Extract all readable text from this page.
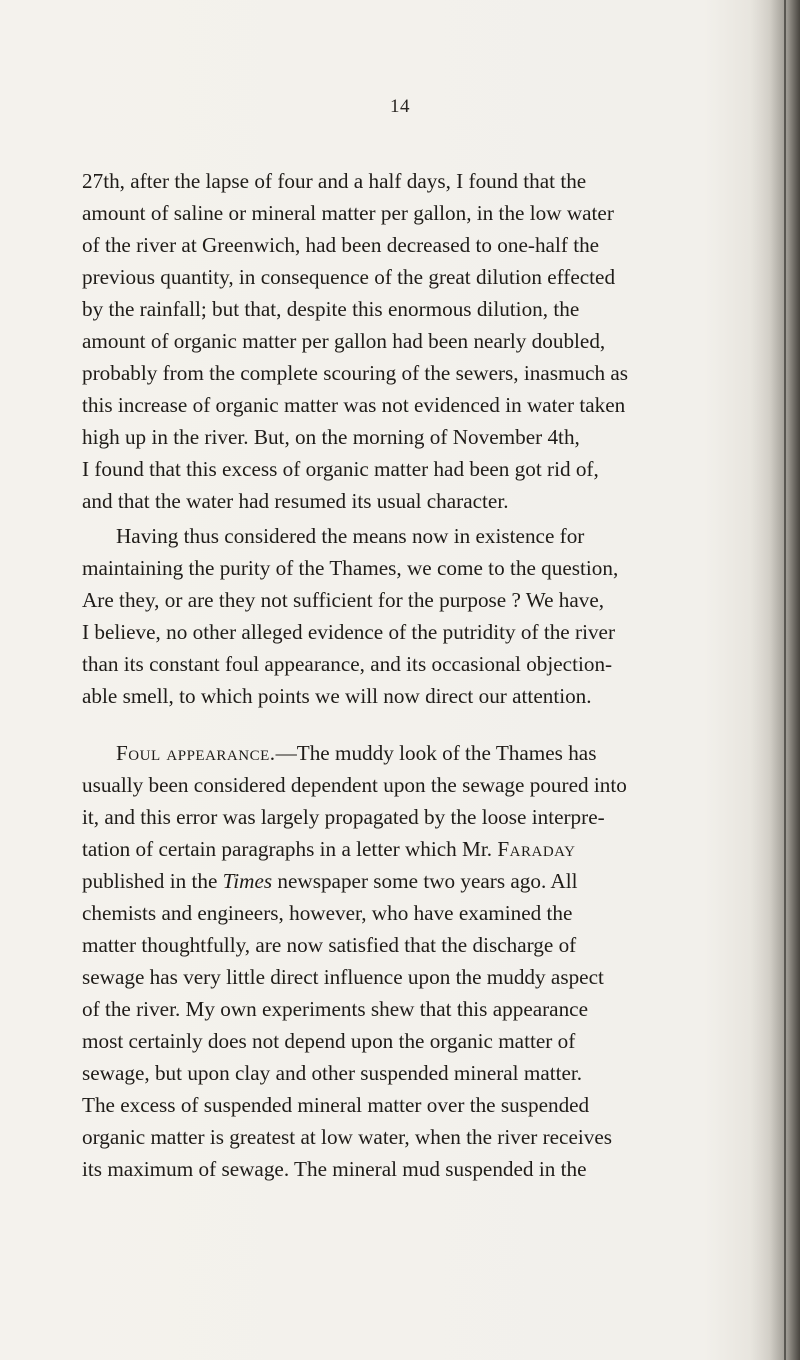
14
27th, after the lapse of four and a half days, I found that the
amount of saline or mineral matter per gallon, in the low water
of the river at Greenwich, had been decreased to one-half the
previous quantity, in consequence of the great dilution effected
by the rainfall; but that, despite this enormous dilution, the
amount of organic matter per gallon had been nearly doubled,
probably from the complete scouring of the sewers, inasmuch as
this increase of organic matter was not evidenced in water taken
high up in the river. But, on the morning of November 4th,
I found that this excess of organic matter had been got rid of,
and that the water had resumed its usual character.
Having thus considered the means now in existence for
maintaining the purity of the Thames, we come to the question,
Are they, or are they not sufficient for the purpose ? We have,
I believe, no other alleged evidence of the putridity of the river
than its constant foul appearance, and its occasional objection-
able smell, to which points we will now direct our attention.
Foul appearance.—The muddy look of the Thames has
usually been considered dependent upon the sewage poured into
it, and this error was largely propagated by the loose interpre-
tation of certain paragraphs in a letter which Mr. Faraday
published in the Times newspaper some two years ago. All
chemists and engineers, however, who have examined the
matter thoughtfully, are now satisfied that the discharge of
sewage has very little direct influence upon the muddy aspect
of the river. My own experiments shew that this appearance
most certainly does not depend upon the organic matter of
sewage, but upon clay and other suspended mineral matter.
The excess of suspended mineral matter over the suspended
organic matter is greatest at low water, when the river receives
its maximum of sewage. The mineral mud suspended in the
